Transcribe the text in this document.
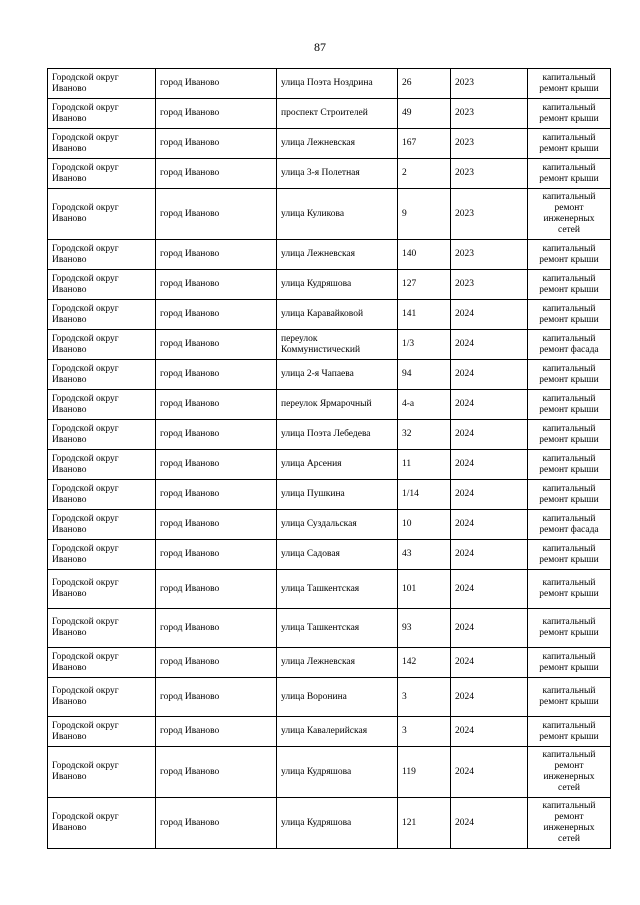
87
Городской округ Иваново	город Иваново	улица Поэта Ноздрина	26	2023	капитальный ремонт крыши
Городской округ Иваново	город Иваново	проспект Строителей	49	2023	капитальный ремонт крыши
Городской округ Иваново	город Иваново	улица Лежневская	167	2023	капитальный ремонт крыши
Городской округ Иваново	город Иваново	улица 3-я Полетная	2	2023	капитальный ремонт крыши
Городской округ Иваново	город Иваново	улица Куликова	9	2023	капитальный ремонт инженерных сетей
Городской округ Иваново	город Иваново	улица Лежневская	140	2023	капитальный ремонт крыши
Городской округ Иваново	город Иваново	улица Кудряшова	127	2023	капитальный ремонт крыши
Городской округ Иваново	город Иваново	улица Каравайковой	141	2024	капитальный ремонт крыши
Городской округ Иваново	город Иваново	переулок Коммунистический	1/3	2024	капитальный ремонт фасада
Городской округ Иваново	город Иваново	улица 2-я Чапаева	94	2024	капитальный ремонт крыши
Городской округ Иваново	город Иваново	переулок Ярмарочный	4-а	2024	капитальный ремонт крыши
Городской округ Иваново	город Иваново	улица Поэта Лебедева	32	2024	капитальный ремонт крыши
Городской округ Иваново	город Иваново	улица Арсения	11	2024	капитальный ремонт крыши
Городской округ Иваново	город Иваново	улица Пушкина	1/14	2024	капитальный ремонт крыши
Городской округ Иваново	город Иваново	улица Суздальская	10	2024	капитальный ремонт фасада
Городской округ Иваново	город Иваново	улица Садовая	43	2024	капитальный ремонт крыши
Городской округ Иваново	город Иваново	улица Ташкентская	101	2024	капитальный ремонт крыши
Городской округ Иваново	город Иваново	улица Ташкентская	93	2024	капитальный ремонт крыши
Городской округ Иваново	город Иваново	улица Лежневская	142	2024	капитальный ремонт крыши
Городской округ Иваново	город Иваново	улица Воронина	3	2024	капитальный ремонт крыши
Городской округ Иваново	город Иваново	улица Кавалерийская	3	2024	капитальный ремонт крыши
Городской округ Иваново	город Иваново	улица Кудряшова	119	2024	капитальный ремонт инженерных сетей
Городской округ Иваново	город Иваново	улица Кудряшова	121	2024	капитальный ремонт инженерных сетей
